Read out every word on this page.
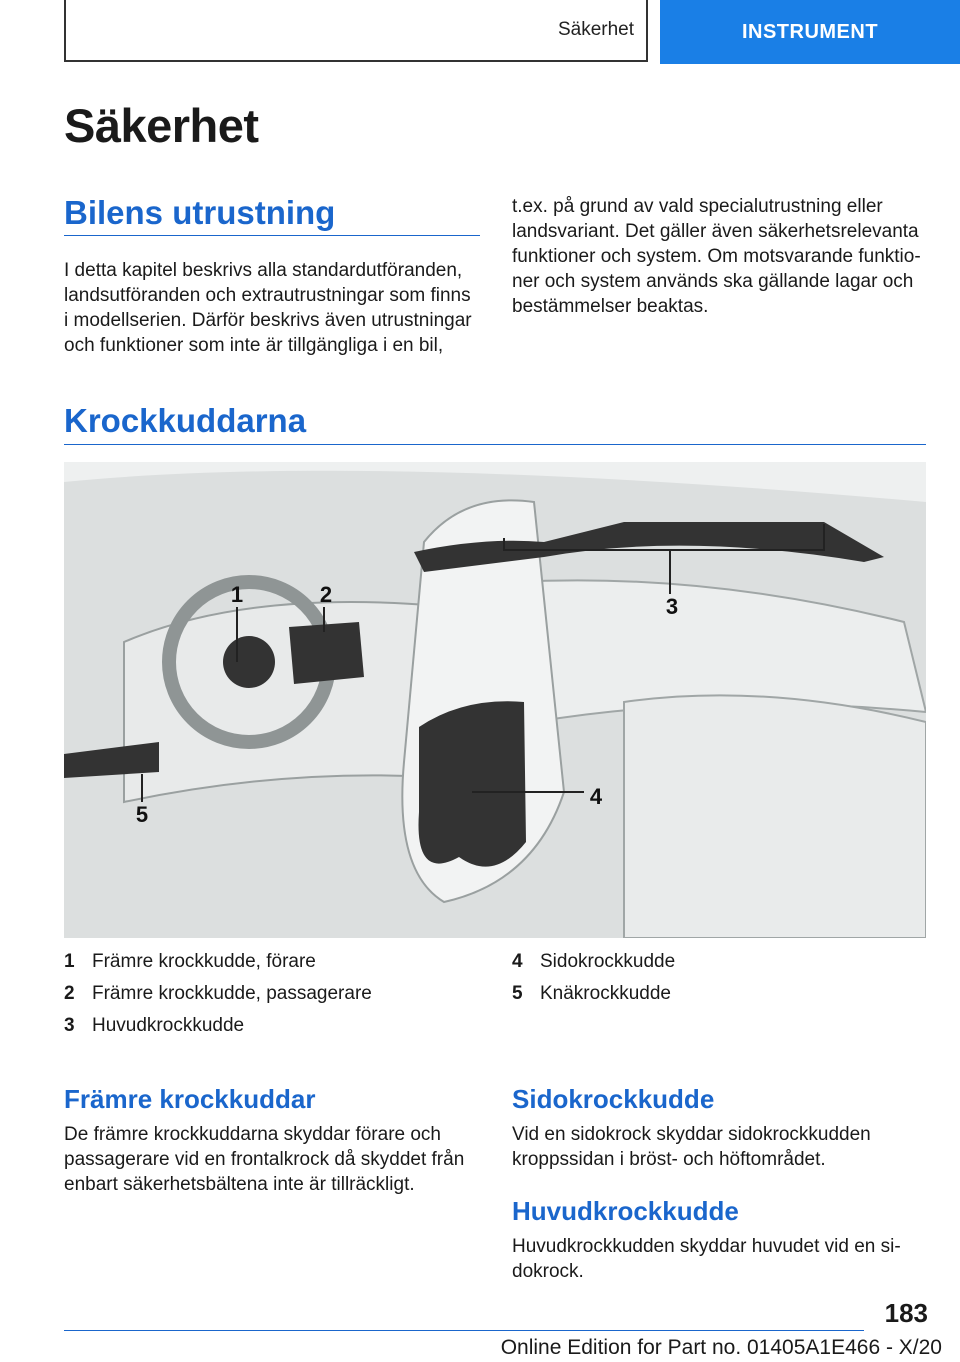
Säkerhet	INSTRUMENT
Säkerhet
Bilens utrustning

I detta kapitel beskrivs alla standardutföranden,
landsutföranden och extrautrustningar som finns
i modellserien. Därför beskrivs även utrustningar
och funktioner som inte är tillgängliga i en bil,

t.ex. på grund av vald specialutrustning eller
landsvariant. Det gäller även säkerhetsrelevanta
funktioner och system. Om motsvarande funktio‐
ner och system används ska gällande lagar och
bestämmelser beaktas.

Krockkuddarna
1	2	3
4
5
1 Främre krockkudde, förare
2 Främre krockkudde, passagerare
3 Huvudkrockkudde
4 Sidokrockkudde
5 Knäkrockkudde
Främre krockkuddar

De främre krockkuddarna skyddar förare och
passagerare vid en frontalkrock då skyddet från
enbart säkerhetsbältena inte är tillräckligt.

Sidokrockkudde

Vid en sidokrock skyddar sidokrockkudden
kroppssidan i bröst- och höftområdet.

Huvudkrockkudde

Huvudkrockkudden skyddar huvudet vid en si‐
dokrock.

183
Online Edition for Part no. 01405A1E466 - X/20
